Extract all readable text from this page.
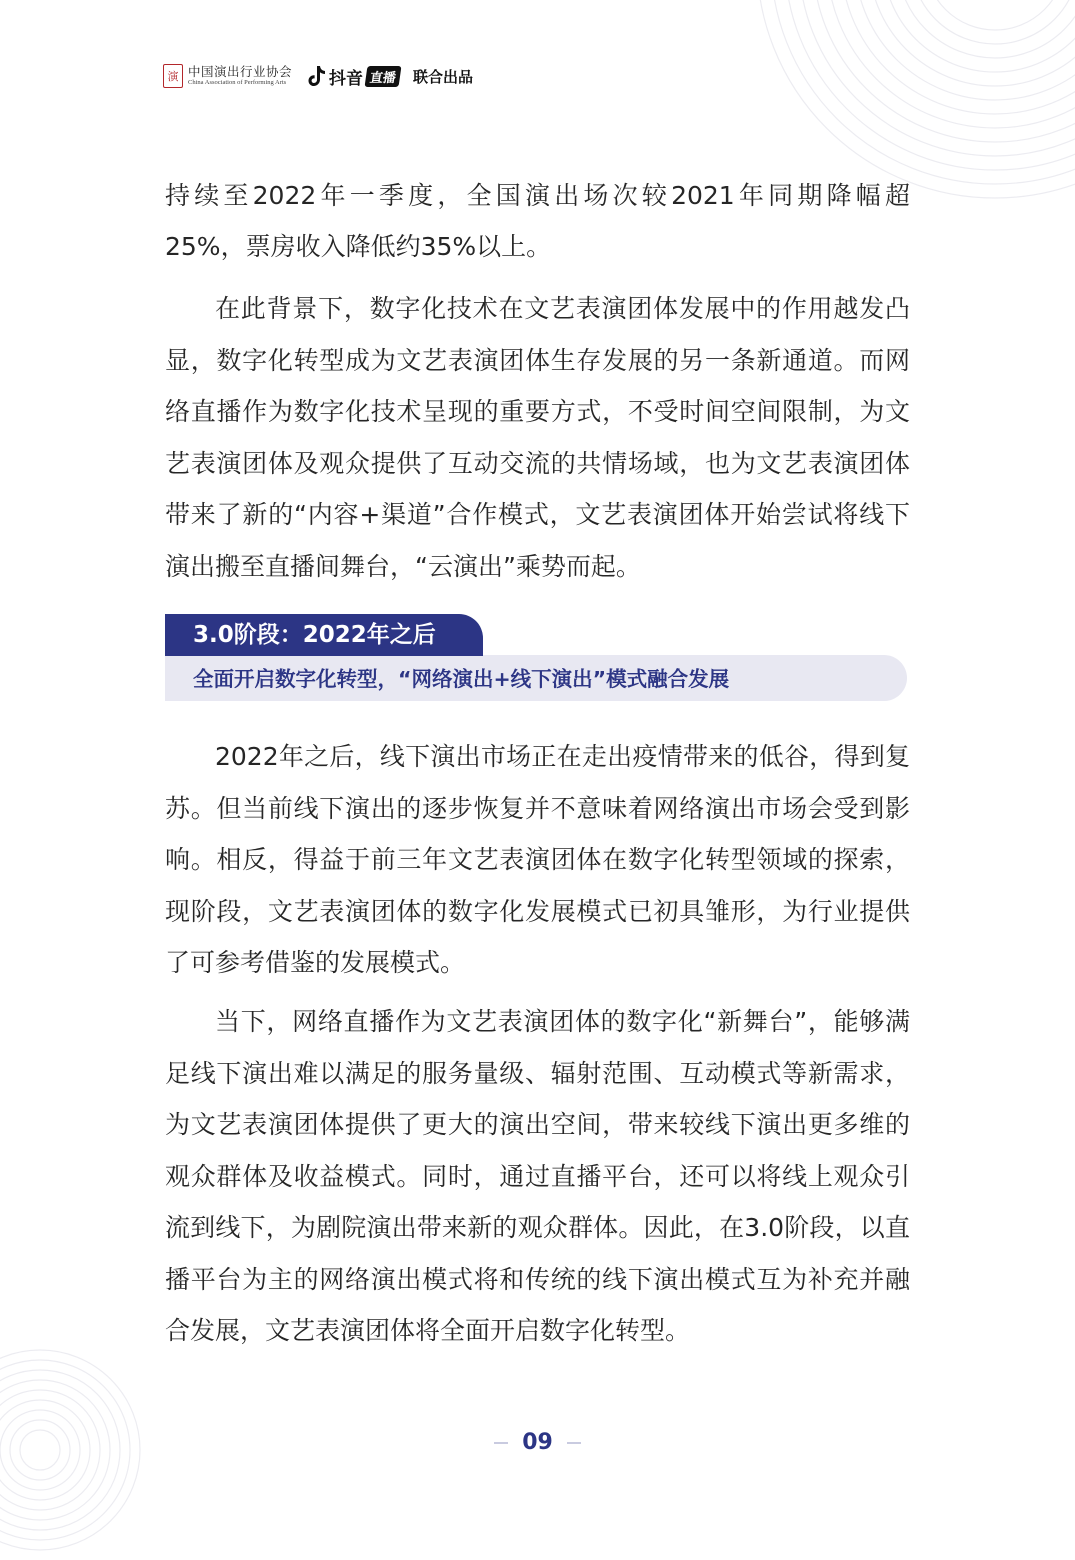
演 中国演出行业协会
China Association of Performing Arts	抖音 直播	联合出品

持续至2022年一季度，全国演出场次较2021年同期降幅超

25%，票房收入降低约35%以上。

在此背景下，数字化技术在文艺表演团体发展中的作用越发凸显，数字化转型成为文艺表演团体生存发展的另一条新通道。而网络直播作为数字化技术呈现的重要方式，不受时间空间限制，为文艺表演团体及观众提供了互动交流的共情场域，也为文艺表演团体带来了新的“内容+渠道”合作模式，文艺表演团体开始尝试将线下演出搬至直播间舞台，“云演出”乘势而起。

3.0阶段：2022年之后
全面开启数字化转型，“网络演出+线下演出”模式融合发展

2022年之后，线下演出市场正在走出疫情带来的低谷，得到复苏。但当前线下演出的逐步恢复并不意味着网络演出市场会受到影响。相反，得益于前三年文艺表演团体在数字化转型领域的探索，现阶段，文艺表演团体的数字化发展模式已初具雏形，为行业提供了可参考借鉴的发展模式。

当下，网络直播作为文艺表演团体的数字化“新舞台”，能够满足线下演出难以满足的服务量级、辐射范围、互动模式等新需求，为文艺表演团体提供了更大的演出空间，带来较线下演出更多维的观众群体及收益模式。同时，通过直播平台，还可以将线上观众引流到线下，为剧院演出带来新的观众群体。因此，在3.0阶段，以直播平台为主的网络演出模式将和传统的线下演出模式互为补充并融合发展，文艺表演团体将全面开启数字化转型。

09
